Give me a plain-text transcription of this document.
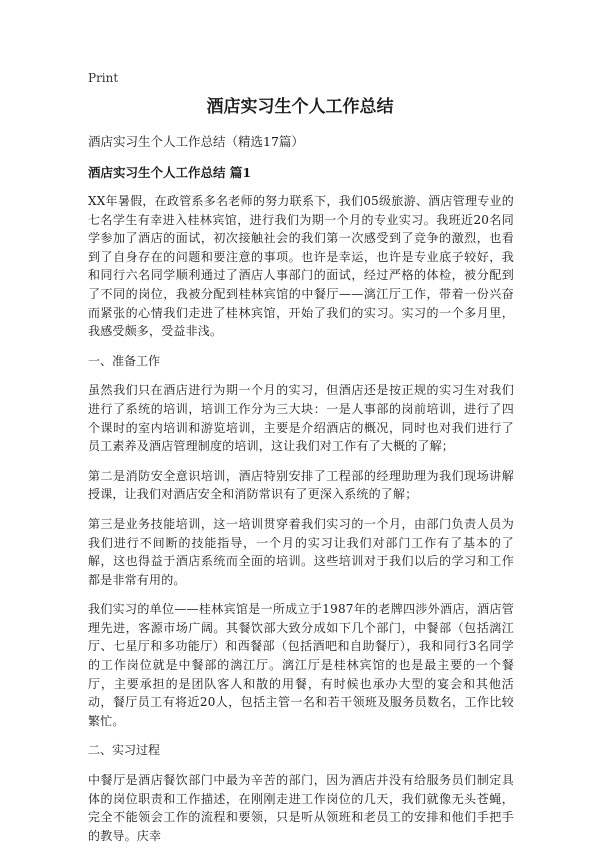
Print
酒店实习生个人工作总结

酒店实习生个人工作总结（精选17篇）

酒店实习生个人工作总结 篇1

XX年暑假，在政管系多名老师的努力联系下，我们05级旅游、酒店管理专业的七名学生有幸进入桂林宾馆，进行我们为期一个月的专业实习。我班近20名同学参加了酒店的面试，初次接触社会的我们第一次感受到了竞争的激烈，也看到了自身存在的问题和要注意的事项。也许是幸运，也许是专业底子较好，我和同行六名同学顺利通过了酒店人事部门的面试，经过严格的体检，被分配到了不同的岗位，我被分配到桂林宾馆的中餐厅——漓江厅工作，带着一份兴奋而紧张的心情我们走进了桂林宾馆，开始了我们的实习。实习的一个多月里，我感受颇多，受益非浅。

一、准备工作

虽然我们只在酒店进行为期一个月的实习，但酒店还是按正规的实习生对我们进行了系统的培训，培训工作分为三大块：一是人事部的岗前培训，进行了四个课时的室内培训和游览培训，主要是介绍酒店的概况，同时也对我们进行了员工素养及酒店管理制度的培训，这让我们对工作有了大概的了解；

第二是消防安全意识培训，酒店特别安排了工程部的经理助理为我们现场讲解授课，让我们对酒店安全和消防常识有了更深入系统的了解；

第三是业务技能培训，这一培训贯穿着我们实习的一个月，由部门负责人员为我们进行不间断的技能指导，一个月的实习让我们对部门工作有了基本的了解，这也得益于酒店系统而全面的培训。这些培训对于我们以后的学习和工作都是非常有用的。

我们实习的单位——桂林宾馆是一所成立于1987年的老牌四涉外酒店，酒店管理先进，客源市场广阔。其餐饮部大致分成如下几个部门，中餐部（包括漓江厅、七星厅和多功能厅）和西餐部（包括酒吧和自助餐厅），我和同行3名同学的工作岗位就是中餐部的漓江厅。漓江厅是桂林宾馆的也是最主要的一个餐厅，主要承担的是团队客人和散的用餐，有时候也承办大型的宴会和其他活动，餐厅员工有将近20人，包括主管一名和若干领班及服务员数名，工作比较繁忙。

二、实习过程

中餐厅是酒店餐饮部门中最为辛苦的部门，因为酒店并没有给服务员们制定具体的岗位职责和工作描述，在刚刚走进工作岗位的几天，我们就像无头苍蝇，完全不能领会工作的流程和要领，只是听从领班和老员工的安排和他们手把手的教导。庆幸
